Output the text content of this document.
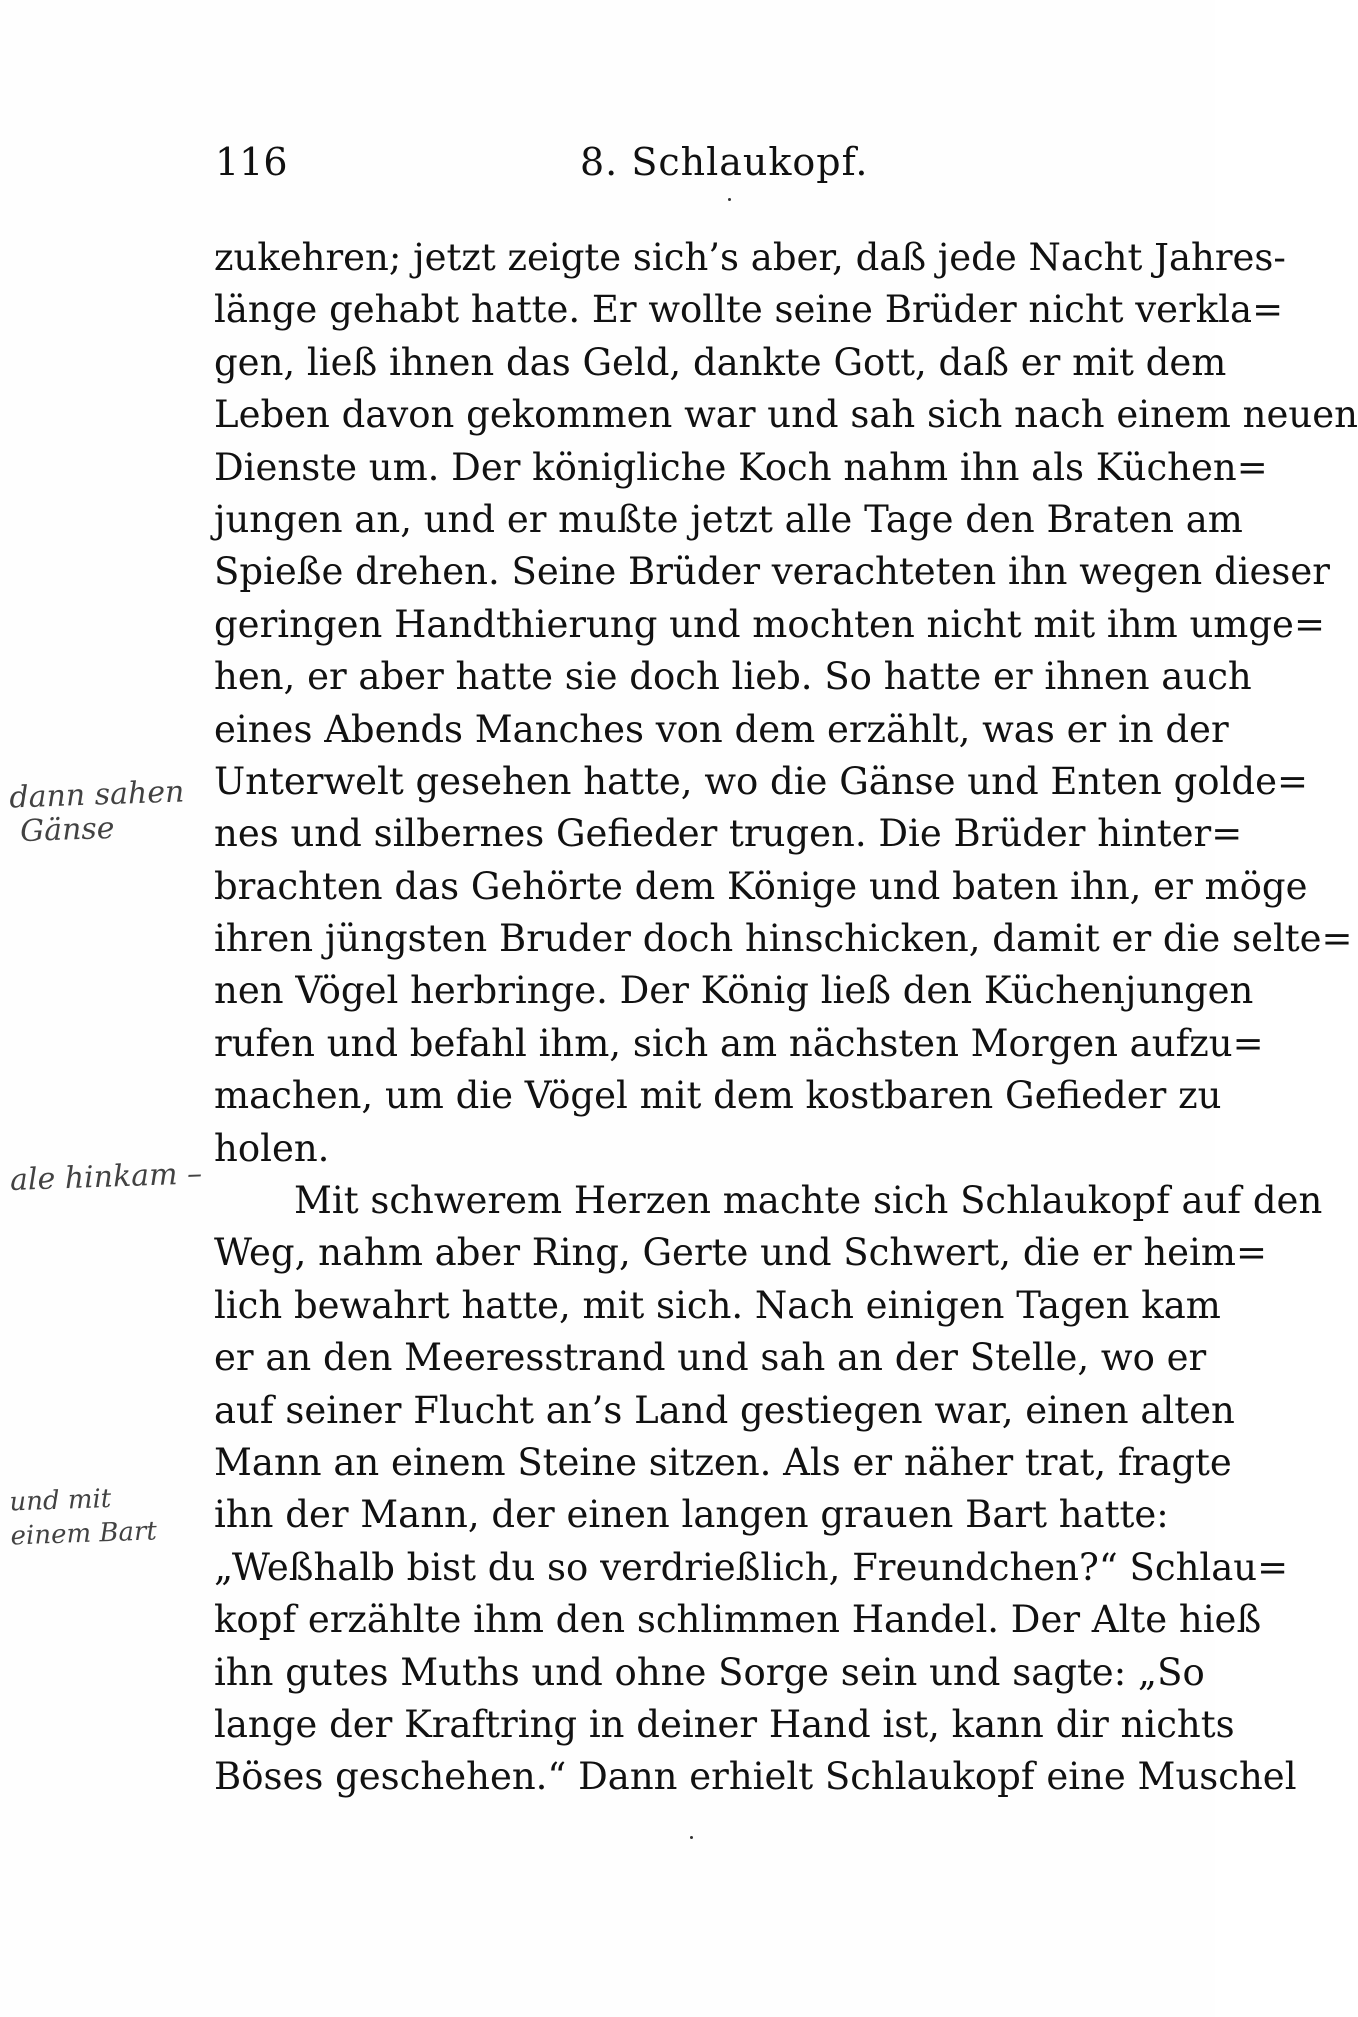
116	8. Schlaukopf.
zukehren; jetzt zeigte sich’s aber, daß jede Nacht Jahres-
länge gehabt hatte. Er wollte seine Brüder nicht verkla=
gen, ließ ihnen das Geld, dankte Gott, daß er mit dem
Leben davon gekommen war und sah sich nach einem neuen
Dienste um. Der königliche Koch nahm ihn als Küchen=
jungen an, und er mußte jetzt alle Tage den Braten am
Spieße drehen. Seine Brüder verachteten ihn wegen dieser
geringen Handthierung und mochten nicht mit ihm umge=
hen, er aber hatte sie doch lieb. So hatte er ihnen auch
eines Abends Manches von dem erzählt, was er in der
Unterwelt gesehen hatte, wo die Gänse und Enten golde=
nes und silbernes Gefieder trugen. Die Brüder hinter=
brachten das Gehörte dem Könige und baten ihn, er möge
ihren jüngsten Bruder doch hinschicken, damit er die selte=
nen Vögel herbringe. Der König ließ den Küchenjungen
rufen und befahl ihm, sich am nächsten Morgen aufzu=
machen, um die Vögel mit dem kostbaren Gefieder zu
holen.
Mit schwerem Herzen machte sich Schlaukopf auf den
Weg, nahm aber Ring, Gerte und Schwert, die er heim=
lich bewahrt hatte, mit sich. Nach einigen Tagen kam
er an den Meeresstrand und sah an der Stelle, wo er
auf seiner Flucht an’s Land gestiegen war, einen alten
Mann an einem Steine sitzen. Als er näher trat, fragte
ihn der Mann, der einen langen grauen Bart hatte:
„Weßhalb bist du so verdrießlich, Freundchen?“ Schlau=
kopf erzählte ihm den schlimmen Handel. Der Alte hieß
ihn gutes Muths und ohne Sorge sein und sagte: „So
lange der Kraftring in deiner Hand ist, kann dir nichts
Böses geschehen.“ Dann erhielt Schlaukopf eine Muschel
dann sahen
Gänse
ale hinkam –
und mit
einem Bart
